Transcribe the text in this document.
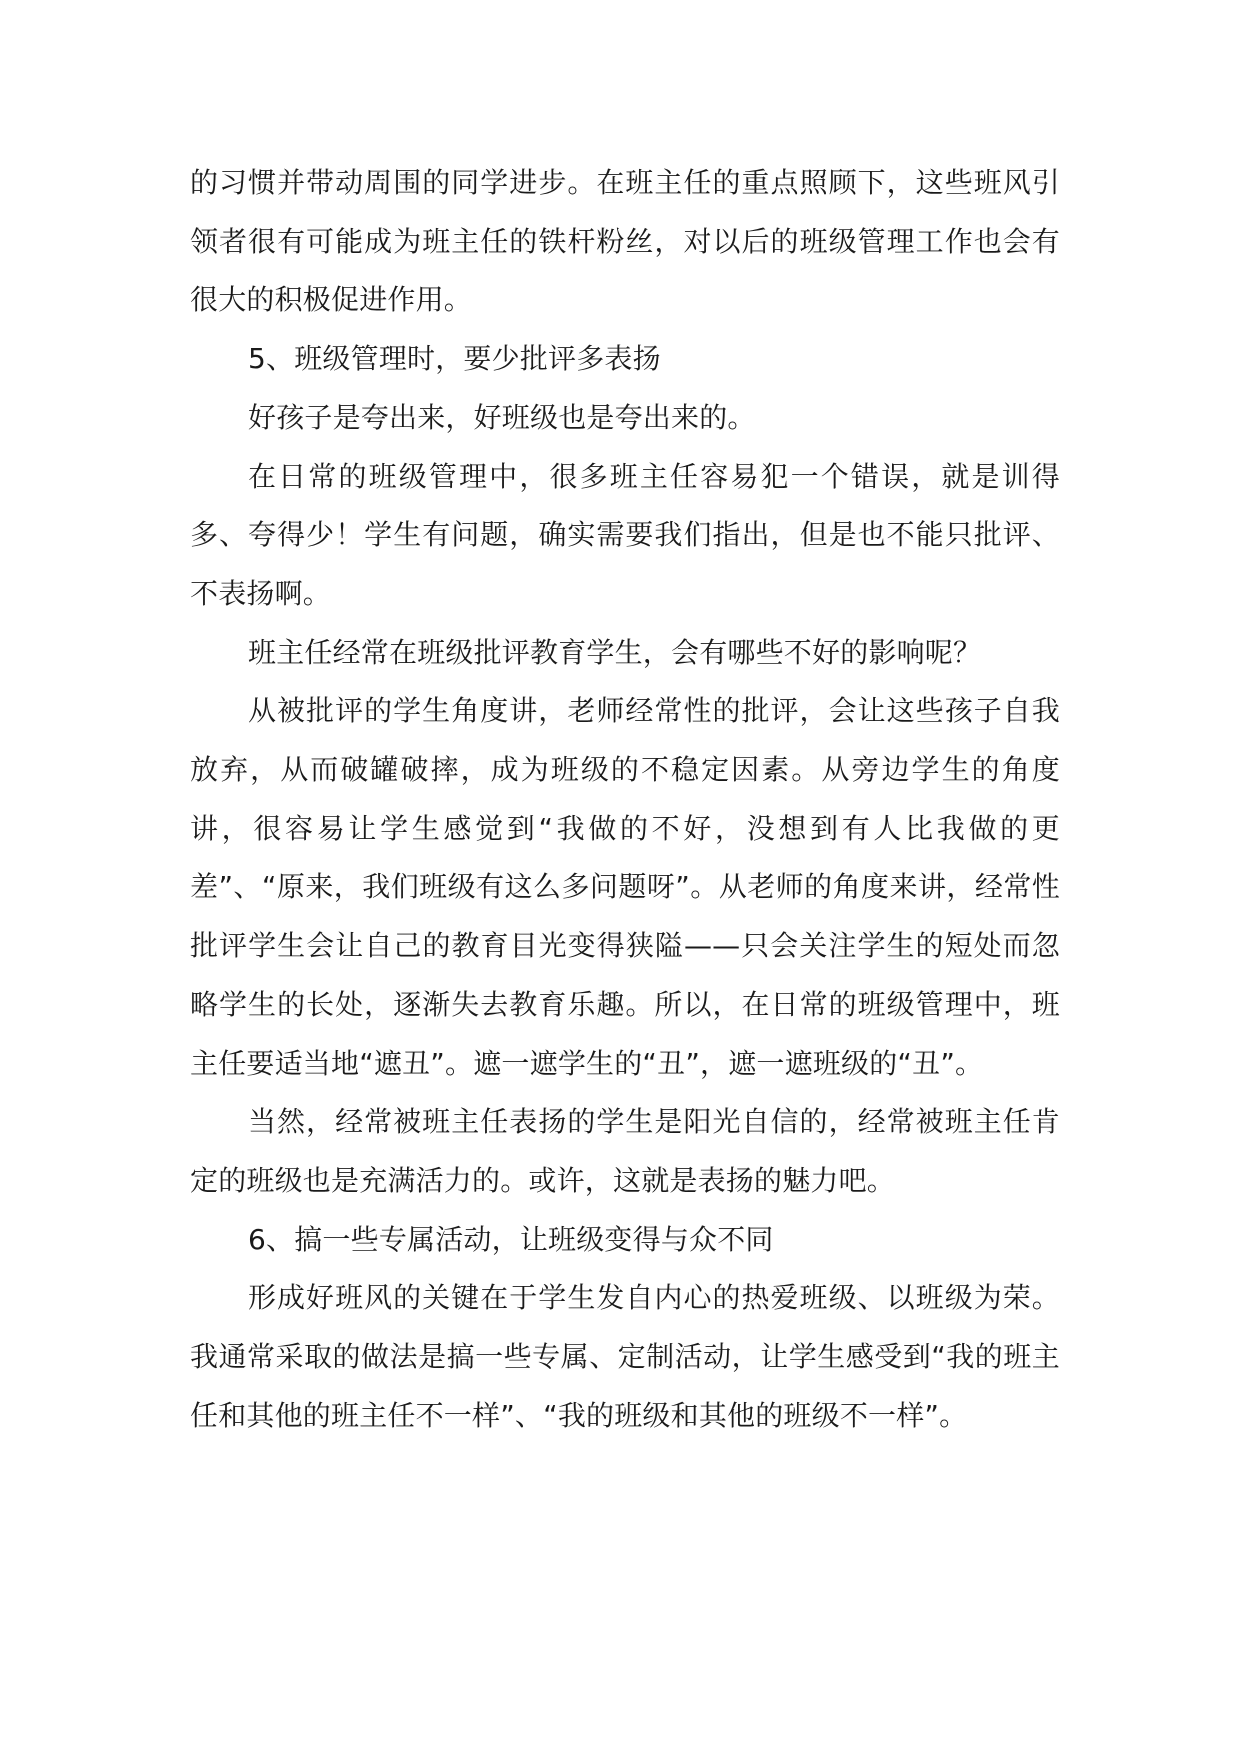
的习惯并带动周围的同学进步。在班主任的重点照顾下，这些班风引领者很有可能成为班主任的铁杆粉丝，对以后的班级管理工作也会有很大的积极促进作用。

5、班级管理时，要少批评多表扬

好孩子是夸出来，好班级也是夸出来的。

在日常的班级管理中，很多班主任容易犯一个错误，就是训得多、夸得少！学生有问题，确实需要我们指出，但是也不能只批评、不表扬啊。

班主任经常在班级批评教育学生，会有哪些不好的影响呢？

从被批评的学生角度讲，老师经常性的批评，会让这些孩子自我放弃，从而破罐破摔，成为班级的不稳定因素。从旁边学生的角度讲，很容易让学生感觉到“我做的不好，没想到有人比我做的更差”、“原来，我们班级有这么多问题呀”。从老师的角度来讲，经常性批评学生会让自己的教育目光变得狭隘——只会关注学生的短处而忽略学生的长处，逐渐失去教育乐趣。所以，在日常的班级管理中，班主任要适当地“遮丑”。遮一遮学生的“丑”，遮一遮班级的“丑”。

当然，经常被班主任表扬的学生是阳光自信的，经常被班主任肯定的班级也是充满活力的。或许，这就是表扬的魅力吧。

6、搞一些专属活动，让班级变得与众不同

形成好班风的关键在于学生发自内心的热爱班级、以班级为荣。我通常采取的做法是搞一些专属、定制活动，让学生感受到“我的班主任和其他的班主任不一样”、“我的班级和其他的班级不一样”。
